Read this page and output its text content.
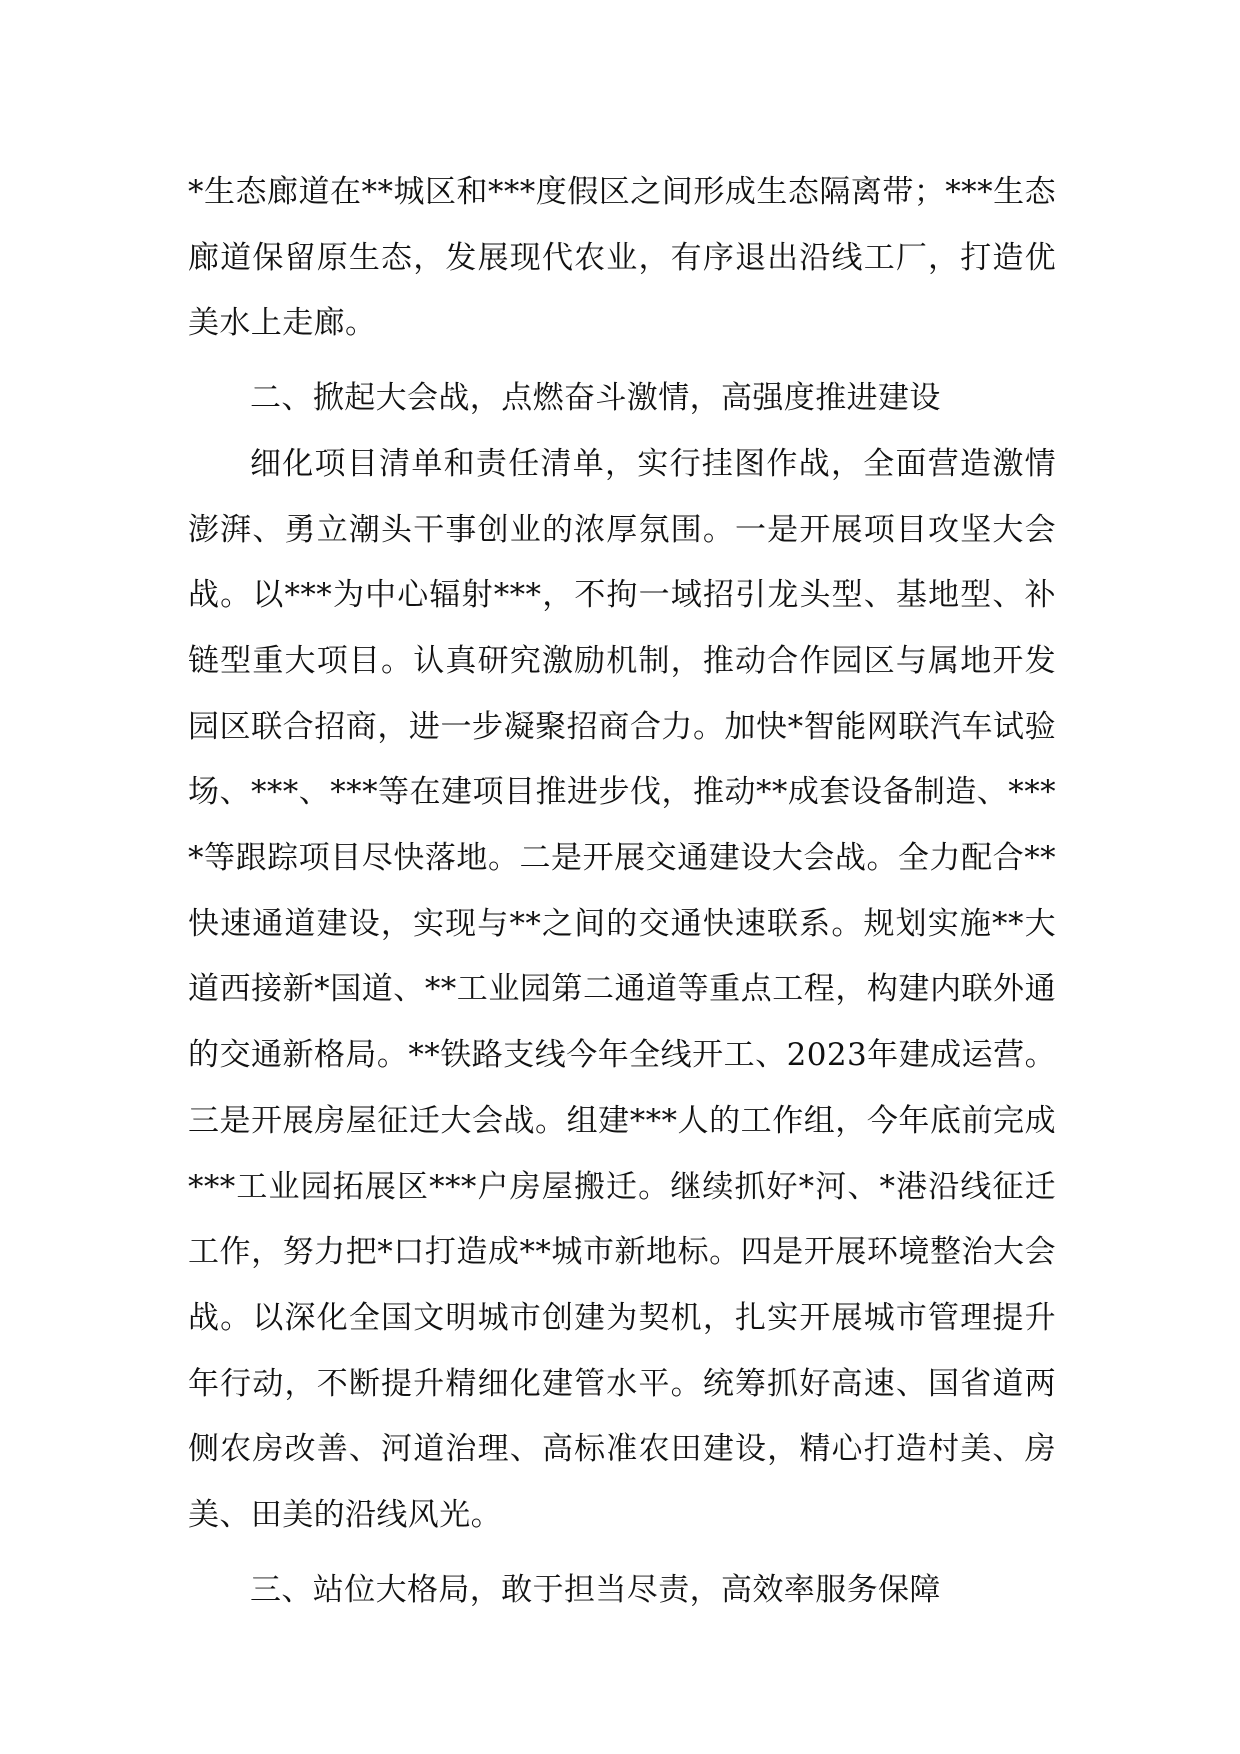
*生态廊道在**城区和***度假区之间形成生态隔离带；***生态廊道保留原生态，发展现代农业，有序退出沿线工厂，打造优美水上走廊。

二、掀起大会战，点燃奋斗激情，高强度推进建设

细化项目清单和责任清单，实行挂图作战，全面营造激情澎湃、勇立潮头干事创业的浓厚氛围。一是开展项目攻坚大会战。以***为中心辐射***，不拘一域招引龙头型、基地型、补链型重大项目。认真研究激励机制，推动合作园区与属地开发园区联合招商，进一步凝聚招商合力。加快*智能网联汽车试验场、***、***等在建项目推进步伐，推动**成套设备制造、****等跟踪项目尽快落地。二是开展交通建设大会战。全力配合**快速通道建设，实现与**之间的交通快速联系。规划实施**大道西接新*国道、**工业园第二通道等重点工程，构建内联外通的交通新格局。**铁路支线今年全线开工、2023年建成运营。三是开展房屋征迁大会战。组建***人的工作组，今年底前完成***工业园拓展区***户房屋搬迁。继续抓好*河、*港沿线征迁工作，努力把*口打造成**城市新地标。四是开展环境整治大会战。以深化全国文明城市创建为契机，扎实开展城市管理提升年行动，不断提升精细化建管水平。统筹抓好高速、国省道两侧农房改善、河道治理、高标准农田建设，精心打造村美、房美、田美的沿线风光。

三、站位大格局，敢于担当尽责，高效率服务保障
